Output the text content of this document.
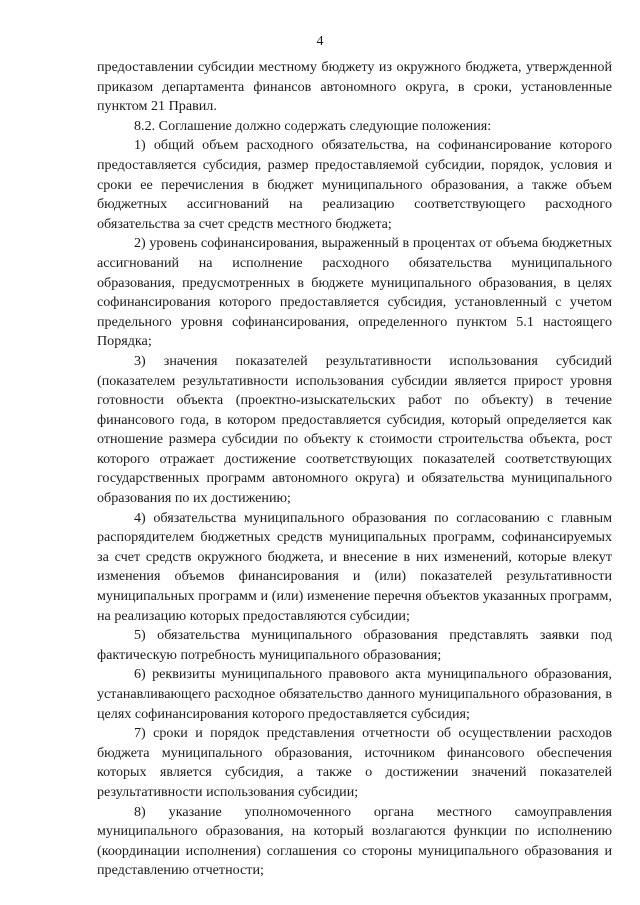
4

предоставлении субсидии местному бюджету из окружного бюджета, утвержденной приказом департамента финансов автономного округа, в сроки, установленные пунктом 21 Правил.

8.2. Соглашение должно содержать следующие положения:

1) общий объем расходного обязательства, на софинансирование которого предоставляется субсидия, размер предоставляемой субсидии, порядок, условия и сроки ее перечисления в бюджет муниципального образования, а также объем бюджетных ассигнований на реализацию соответствующего расходного обязательства за счет средств местного бюджета;

2) уровень софинансирования, выраженный в процентах от объема бюджетных ассигнований на исполнение расходного обязательства муниципального образования, предусмотренных в бюджете муниципального образования, в целях софинансирования которого предоставляется субсидия, установленный с учетом предельного уровня софинансирования, определенного пунктом 5.1 настоящего Порядка;

3) значения показателей результативности использования субсидий (показателем результативности использования субсидии является прирост уровня готовности объекта (проектно-изыскательских работ по объекту) в течение финансового года, в котором предоставляется субсидия, который определяется как отношение размера субсидии по объекту к стоимости строительства объекта, рост которого отражает достижение соответствующих показателей соответствующих государственных программ автономного округа) и обязательства муниципального образования по их достижению;

4) обязательства муниципального образования по согласованию с главным распорядителем бюджетных средств муниципальных программ, софинансируемых за счет средств окружного бюджета, и внесение в них изменений, которые влекут изменения объемов финансирования и (или) показателей результативности муниципальных программ и (или) изменение перечня объектов указанных программ, на реализацию которых предоставляются субсидии;

5) обязательства муниципального образования представлять заявки под фактическую потребность муниципального образования;

6) реквизиты муниципального правового акта муниципального образования, устанавливающего расходное обязательство данного муниципального образования, в целях софинансирования которого предоставляется субсидия;

7) сроки и порядок представления отчетности об осуществлении расходов бюджета муниципального образования, источником финансового обеспечения которых является субсидия, а также о достижении значений показателей результативности использования субсидии;

8) указание уполномоченного органа местного самоуправления муниципального образования, на который возлагаются функции по исполнению (координации исполнения) соглашения со стороны муниципального образования и представлению отчетности;
